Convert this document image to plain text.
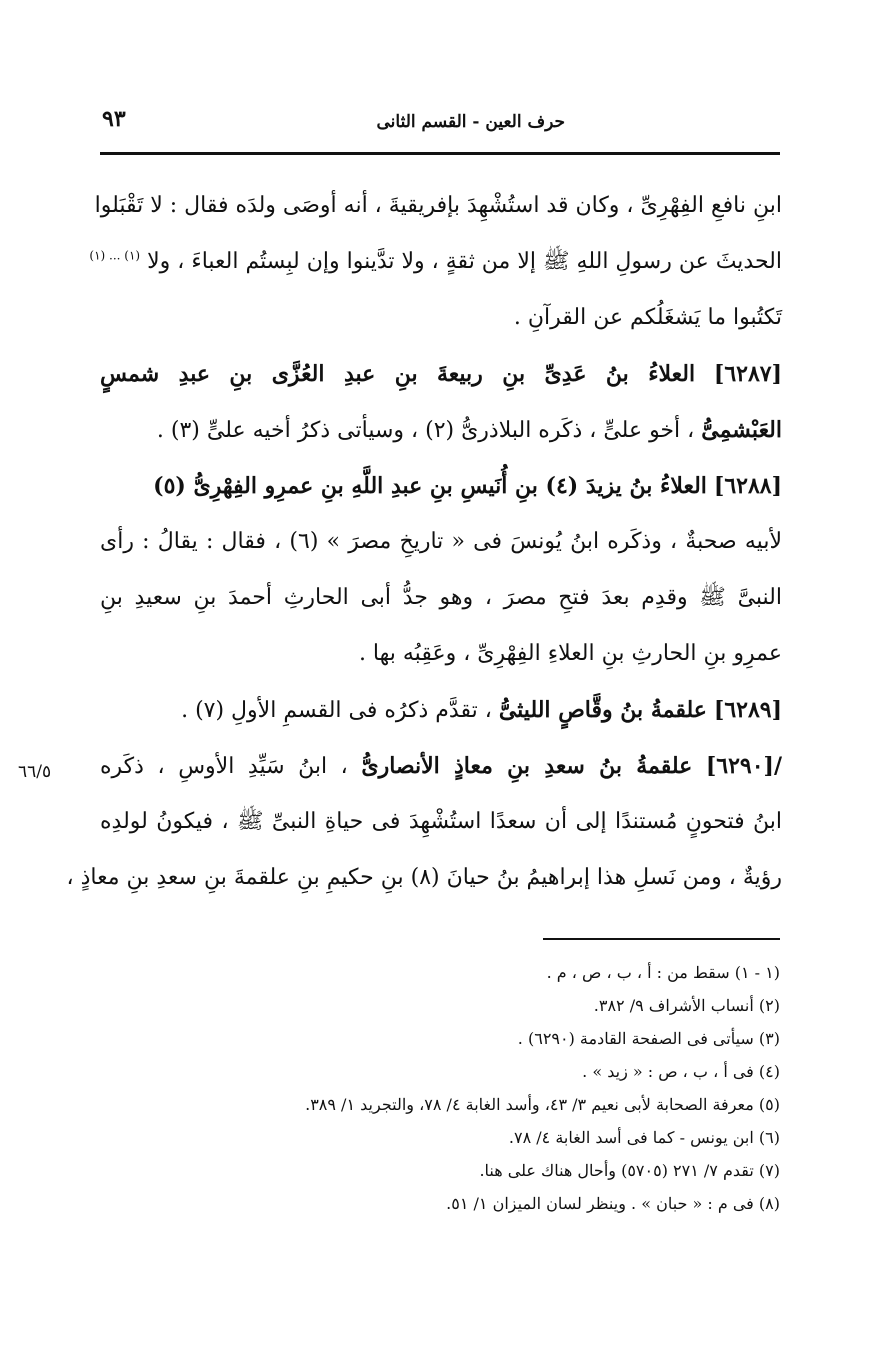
حرف العين - القسم الثانى
٩٣
ابنِ نافعِ الفِهْرِىِّ ، وكان قد استُشْهِدَ بإفريقيةَ ، أنه أوصَى ولدَه فقال : لا تَقْبَلوا
الحديثَ عن رسولِ اللهِ ﷺ إلا من ثقةٍ ، ولا تدَّينوا وإن لبِستُم العباءَ ، ولا $^{(١) ... (١)}$
تَكتُبوا ما يَشغَلُكم عن القرآنِ .
[٦٢٨٧] العلاءُ بنُ عَدِىِّ بنِ ربيعةَ بنِ عبدِ العُزَّى بنِ عبدِ شمسٍ
العَبْشمِىُّ ، أخو علىٍّ ، ذكَره البلاذرىُّ (٢) ، وسيأتى ذكرُ أخيه علىٍّ (٣) .
[٦٢٨٨] العلاءُ بنُ يزيدَ (٤) بنِ أُنَيسِ بنِ عبدِ اللَّهِ بنِ عمرِو الفِهْرِىُّ (٥)
لأبيه صحبةٌ ، وذكَره ابنُ يُونسَ فى « تاريخِ مصرَ » (٦) ، فقال : يقالُ : رأى
النبىَّ ﷺ وقدِم بعدَ فتحِ مصرَ ، وهو جدُّ أبى الحارثِ أحمدَ بنِ سعيدِ بنِ
عمرِو بنِ الحارثِ بنِ العلاءِ الفِهْرِىِّ ، وعَقِبُه بها .
[٦٢٨٩] علقمةُ بنُ وقَّاصٍ الليثىُّ ، تقدَّم ذكرُه فى القسمِ الأولِ (٧) .
/[٦٢٩٠] علقمةُ بنُ سعدِ بنِ معاذٍ الأنصارىُّ ، ابنُ سَيِّدِ الأوسِ ، ذكَره
ابنُ فتحونٍ مُستندًا إلى أن سعدًا استُشْهِدَ فى حياةِ النبىِّ ﷺ ، فيكونُ لولدِه
رؤيةٌ ، ومن نَسلِ هذا إبراهيمُ بنُ حيانَ (٨) بنِ حكيمِ بنِ علقمةَ بنِ سعدِ بنِ معاذٍ ،
٦٦/٥
(١ - ١) سقط من : أ ، ب ، ص ، م .
(٢) أنساب الأشراف ٩/ ٣٨٢.
(٣) سيأتى فى الصفحة القادمة (٦٢٩٠) .
(٤) فى أ ، ب ، ص : « زيد » .
(٥) معرفة الصحابة لأبى نعيم ٣/ ٤٣، وأسد الغابة ٤/ ٧٨، والتجريد ١/ ٣٨٩.
(٦) ابن يونس - كما فى أسد الغابة ٤/ ٧٨.
(٧) تقدم ٧/ ٢٧١ (٥٧٠٥) وأحال هناك على هنا.
(٨) فى م : « حبان » . وينظر لسان الميزان ١/ ٥١.
